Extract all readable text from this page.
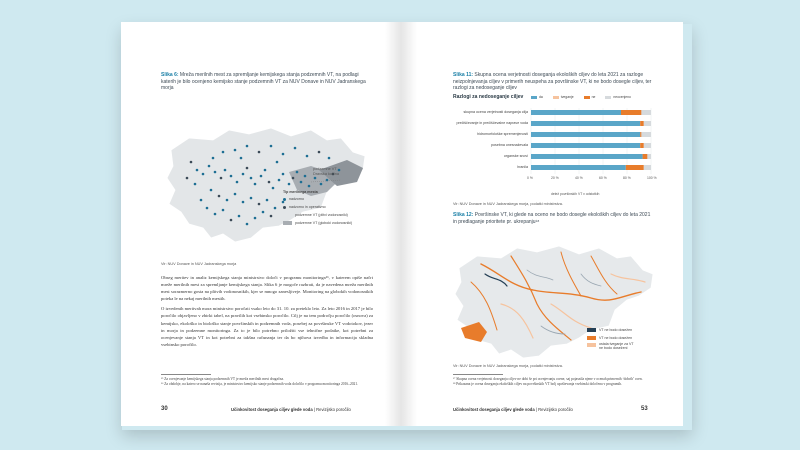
Slika 6: Mreža merilnih mest za spremljanje kemijskega stanja podzemnih VT, na podlagi katerih je bilo ocenjeno kemijsko stanje podzemnih VT za NUV Donave in NUV Jadranskega morja
podzemne VT
Dravska kotlina
Tip merilnega mesta
nadzorno
nadzorno in operativno
podzemne VT (plitvi vodonosniki)
podzemne VT (globoki vodonosniki)
Vir: NUV Donave in NUV Jadranskega morja

Obseg meritev in analiz kemijskega stanja ministrstvo določi v programu monitoringa¹⁶, v katerem opiše načrt mreže merilnih mest za spremljanje kemijskega stanja. Slika 6 je mogoče razbrati, da je navedena mreža merilnih mest sorazmerno gosta na plitvih vodonosnikih, kjer se mnogo zanesljiveje. Monitoring na globokih vodonosnikih poteka le na nekaj merilnih mestih.

O izvedenih meritvah mora ministrstvo poročati vsako leto do 31. 10. za preteklo leto. Za leto 2016 in 2017 je bilo poročilo objavljeno v zbirki tabel, na pravilih kot vsebinsko poročilo. Cilj je na tem področju poročilo (osnova) za kemijsko, ekološko in biološko stanje površinskih in podzemnih voda, posebej za površinske VT vodotokov, jezer in morja in podzemne monitoringa. Za to je bilo potrebno priložiti vse tehnične podatke, kot potrebni za ocenjevanje stanja VT in kot potrebni za takšna računanja ter da bo njihova izvedba in informacija skladna vsebinsko poročilo.

¹⁵ Za ocenjevanje kemijskega stanja podzemnih VT je mreža merilnih mest drugačna.
¹⁶ Za obdobje, na katero se nanaša revizija, je ministrstvo kemijsko stanje podzemnih voda določilo v programu monitoringa 2016–2021.
30	Učinkovitost doseganja ciljev glede voda | Revizijsko poročilo
Slika 11: Skupna ocena verjetnosti doseganja ekoloških ciljev do leta 2021 za razloge neizpolnjevanja ciljev v primerih neuspeha za površinske VT, ki ne bodo dosegle ciljev, ter razlogi za nedoseganje ciljev
Razlogi za nedoseganje ciljev	da	tveganje	ne	neocenjeno
skupna ocena verjetnosti doseganja cilja
prečiščevanje in prečiščevalne naprave voda
hidromorfološke spremenjenosti
posebna onesnaževala
organske snovi
hranila
0 %	20 %	40 %	60 %	80 %	100 %
delež površinskih VT v odstotkih
Vir: NUV Donave in NUV Jadranskega morja, podatki ministrstva.
Slika 12: Površinske VT, ki glede na oceno ne bodo dosegle ekoloških ciljev do leta 2021 in predlaganje prioritete pr. ukrepanju¹⁸
VT ne bodo dosežen
VT ne bodo dosežen
ostala tveganje za VT ne bodo doseženi
Vir: NUV Donave in NUV Jadranskega morja, podatki ministrstva.
¹⁷ Skupna ocena verjetnosti doseganja ciljev ne dobi še pri ocenjevanju ocene, saj pojasnila njene v ocenah primernih ‘dobrih’ ocen.
¹⁸ Prikazana je ocena doseganja ekoloških ciljev na površinskih VT bolj upoštevanja vsebinski določena v programih.
Učinkovitost doseganja ciljev glede voda | Revizijsko poročilo	53
